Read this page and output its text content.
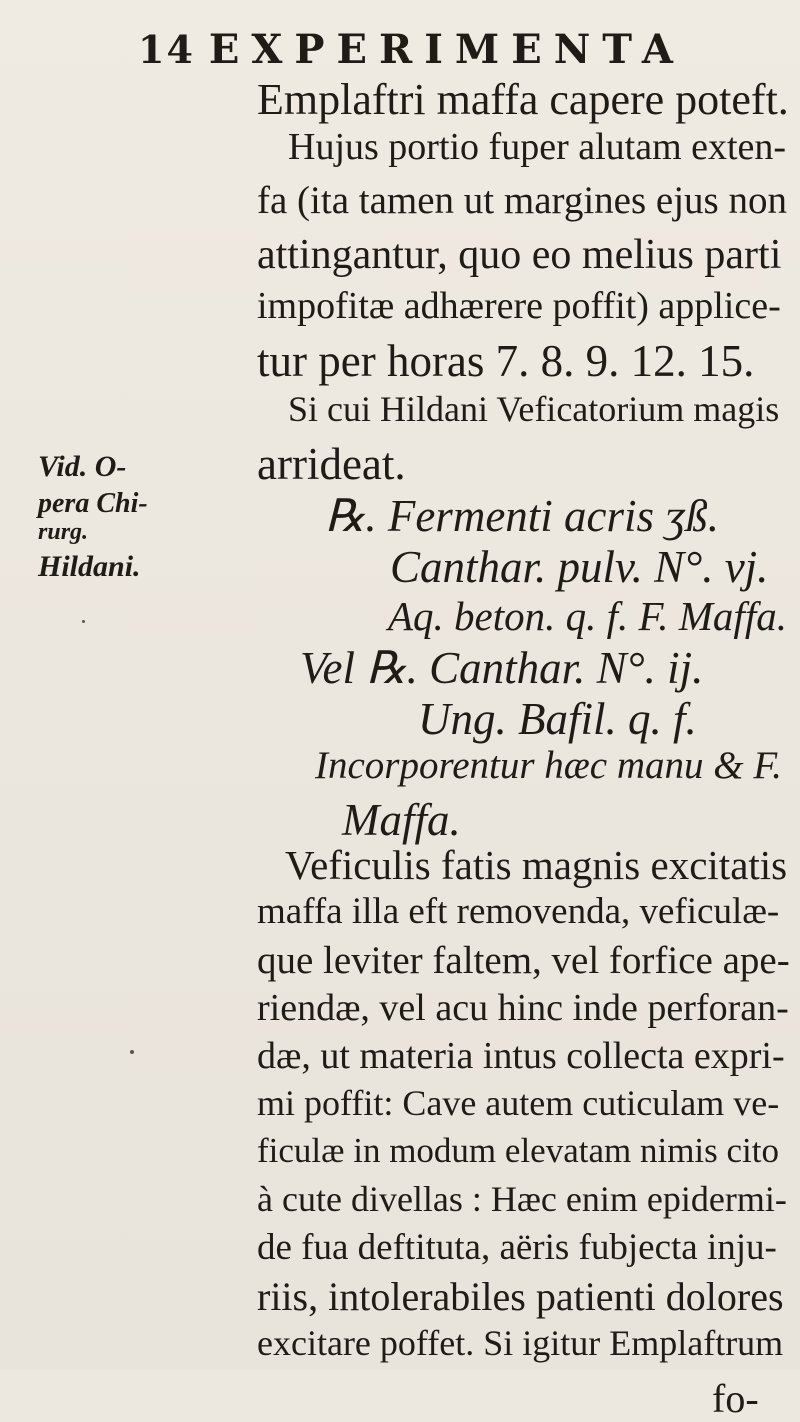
14 EXPERIMENTA
Vid. O-
pera Chi-
rurg.
Hildani.
Emplaftri maffa capere poteft.
Hujus portio fuper alutam exten-
fa (ita tamen ut margines ejus non
attingantur, quo eo melius parti
impofitæ adhærere poffit) applice-
tur per horas 7. 8. 9. 12. 15.
Si cui Hildani Veficatorium magis
arrideat.
℞. Fermenti acris ʒß.
Canthar. pulv. N°. vj.
Aq. beton. q. f. F. Maffa.
Vel ℞. Canthar. N°. ij.
Ung. Bafil. q. f.
Incorporentur hæc manu & F.
Maffa.
Veficulis fatis magnis excitatis
maffa illa eft removenda, veficulæ-
que leviter faltem, vel forfice ape-
riendæ, vel acu hinc inde perforan-
dæ, ut materia intus collecta expri-
mi poffit: Cave autem cuticulam ve-
ficulæ in modum elevatam nimis cito
à cute divellas : Hæc enim epidermi-
de fua deftituta, aëris fubjecta inju-
riis, intolerabiles patienti dolores
excitare poffet. Si igitur Emplaftrum
fo-
